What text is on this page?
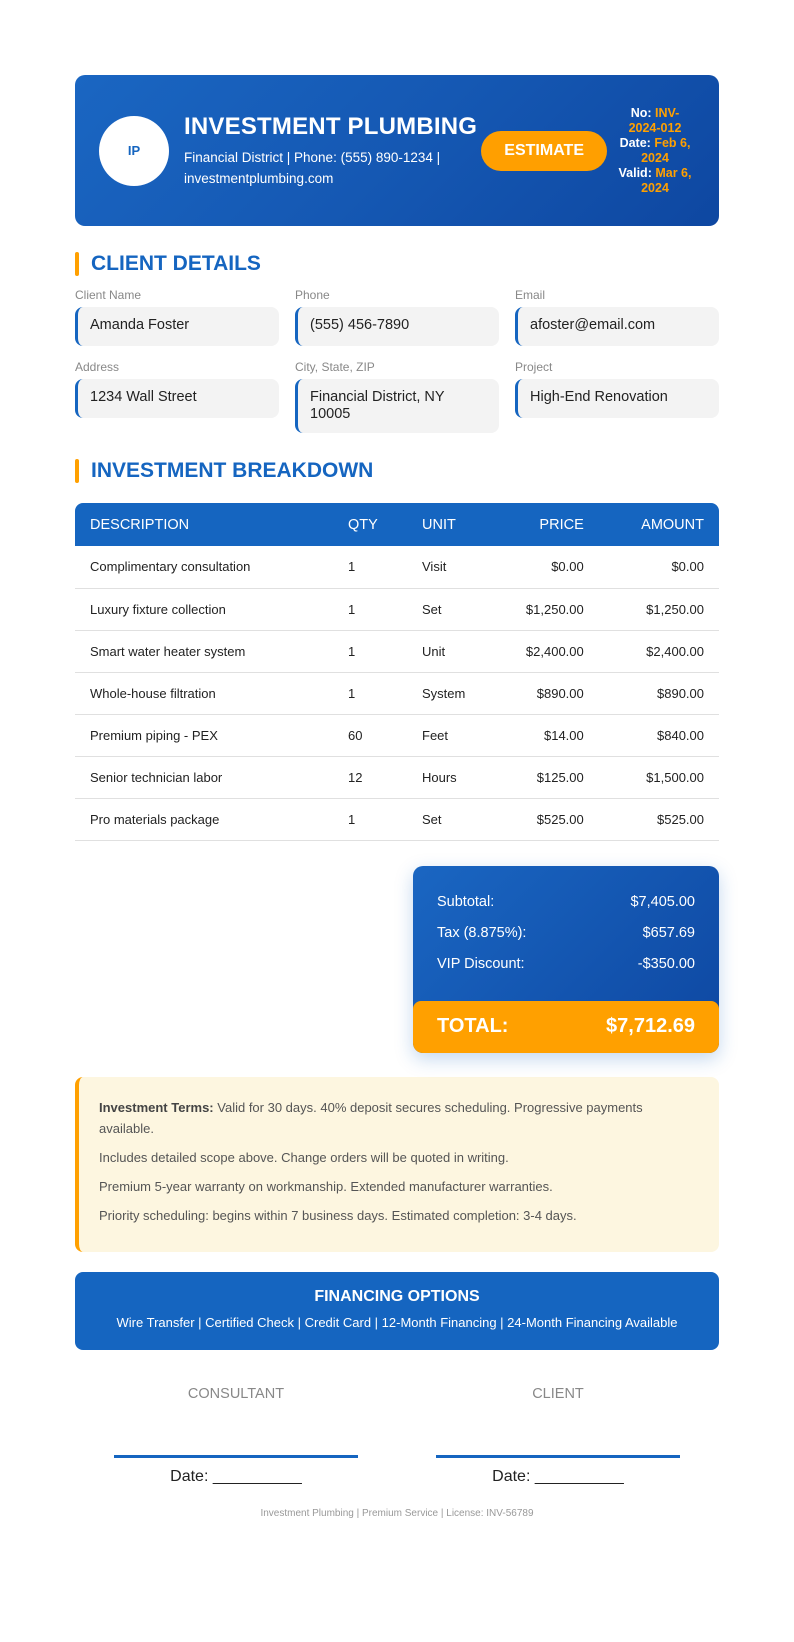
IP
INVESTMENT PLUMBING
Financial District | Phone: (555) 890-1234 |
investmentplumbing.com
ESTIMATE
No: INV-2024-012
Date: Feb 6, 2024
Valid: Mar 6, 2024
CLIENT DETAILS
Client Name
Amanda Foster
Phone
(555) 456-7890
Email
afoster@email.com
Address
1234 Wall Street
City, State, ZIP
Financial District, NY 10005
Project
High-End Renovation
INVESTMENT BREAKDOWN
DESCRIPTION	QTY	UNIT	PRICE	AMOUNT
Complimentary consultation	1	Visit	$0.00	$0.00
Luxury fixture collection	1	Set	$1,250.00	$1,250.00
Smart water heater system	1	Unit	$2,400.00	$2,400.00
Whole-house filtration	1	System	$890.00	$890.00
Premium piping - PEX	60	Feet	$14.00	$840.00
Senior technician labor	12	Hours	$125.00	$1,500.00
Pro materials package	1	Set	$525.00	$525.00
Subtotal:	$7,405.00
Tax (8.875%):	$657.69
VIP Discount:	-$350.00
TOTAL:	$7,712.69

Investment Terms: Valid for 30 days. 40% deposit secures scheduling. Progressive payments available.

Includes detailed scope above. Change orders will be quoted in writing.

Premium 5-year warranty on workmanship. Extended manufacturer warranties.

Priority scheduling: begins within 7 business days. Estimated completion: 3-4 days.

FINANCING OPTIONS
Wire Transfer | Certified Check | Credit Card | 12-Month Financing | 24-Month Financing Available
CONSULTANT
Date: __________
CLIENT
Date: __________
Investment Plumbing | Premium Service | License: INV-56789
